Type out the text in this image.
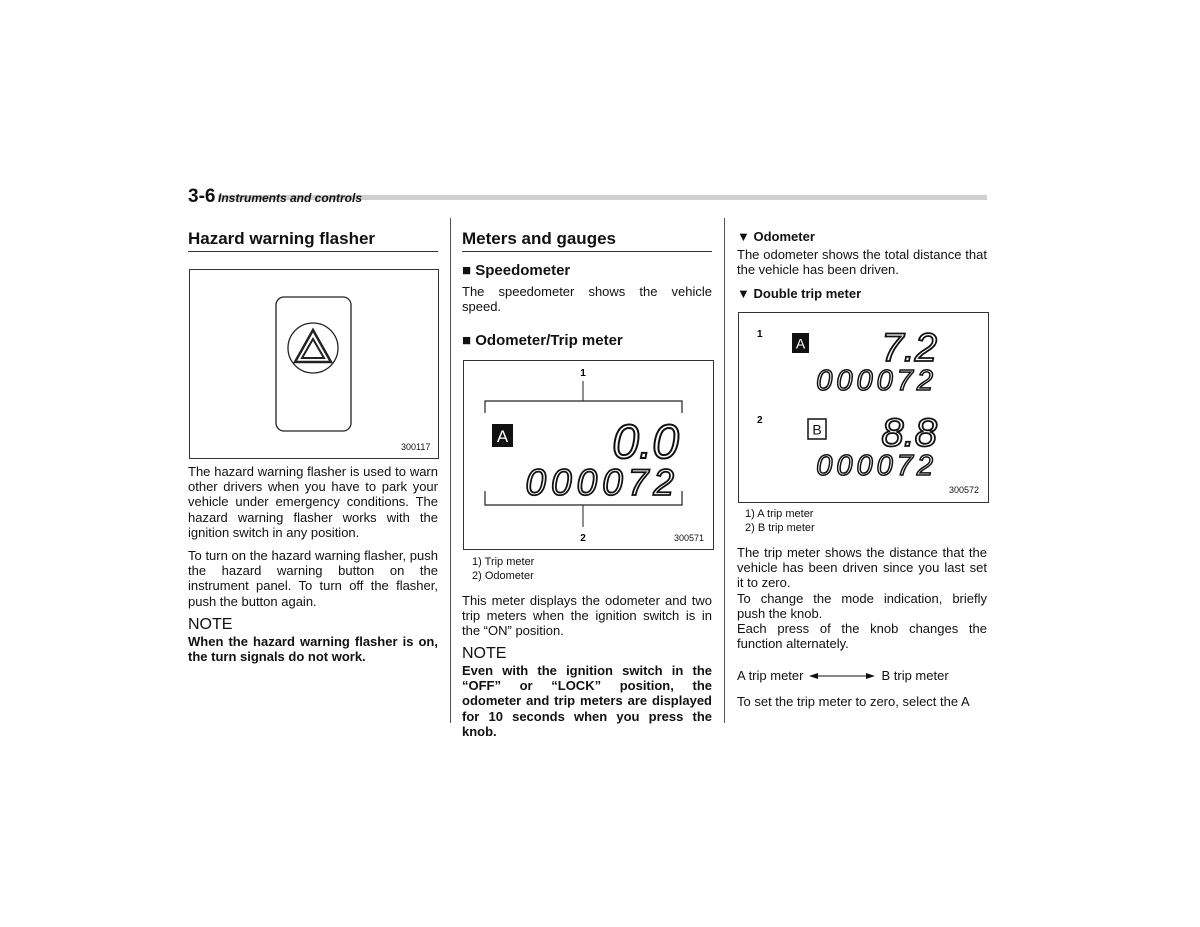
3-6 Instruments and controls
Hazard warning flasher
300117
The hazard warning flasher is used to warn other drivers when you have to park your vehicle under emergency conditions. The hazard warning flasher works with the ignition switch in any position.
To turn on the hazard warning flasher, push the hazard warning button on the instrument panel. To turn off the flasher, push the button again.
NOTE
When the hazard warning flasher is on, the turn signals do not work.
Meters and gauges
■ Speedometer
The speedometer shows the vehicle speed.
■ Odometer/Trip meter
1
2
A 0.0
000072
300571
1) Trip meter
2) Odometer
This meter displays the odometer and two trip meters when the ignition switch is in the “ON” position.
NOTE
Even with the ignition switch in the “OFF” or “LOCK” position, the odometer and trip meters are displayed for 10 seconds when you press the knob.
▼ Odometer
The odometer shows the total distance that the vehicle has been driven.
▼ Double trip meter
1
A 7.2
000072
2
B 8.8
000072
300572
1) A trip meter
2) B trip meter
The trip meter shows the distance that the vehicle has been driven since you last set it to zero.
To change the mode indication, briefly push the knob.
Each press of the knob changes the function alternately.
A trip meter	B trip meter
To set the trip meter to zero, select the A
